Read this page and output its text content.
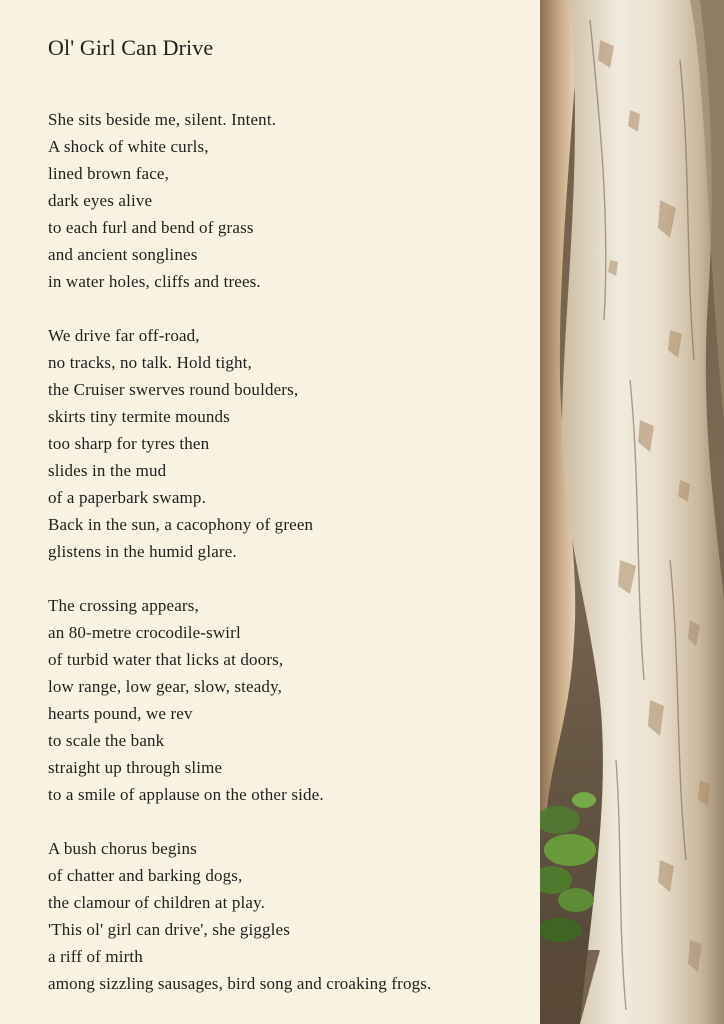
Ol' Girl Can Drive
She sits beside me, silent. Intent.
A shock of white curls,
lined brown face,
dark eyes alive
to each furl and bend of grass
and ancient songlines
in water holes, cliffs and trees.
We drive far off-road,
no tracks, no talk. Hold tight,
the Cruiser swerves round boulders,
skirts tiny termite mounds
too sharp for tyres then
slides in the mud
of a paperbark swamp.
Back in the sun, a cacophony of green
glistens in the humid glare.
The crossing appears,
an 80-metre crocodile-swirl
of turbid water that licks at doors,
low range, low gear, slow, steady,
hearts pound, we rev
to scale the bank
straight up through slime
to a smile of applause on the other side.
A bush chorus begins
of chatter and barking dogs,
the clamour of children at play.
'This ol' girl can drive', she giggles
a riff of mirth
among sizzling sausages, bird song and croaking frogs.
